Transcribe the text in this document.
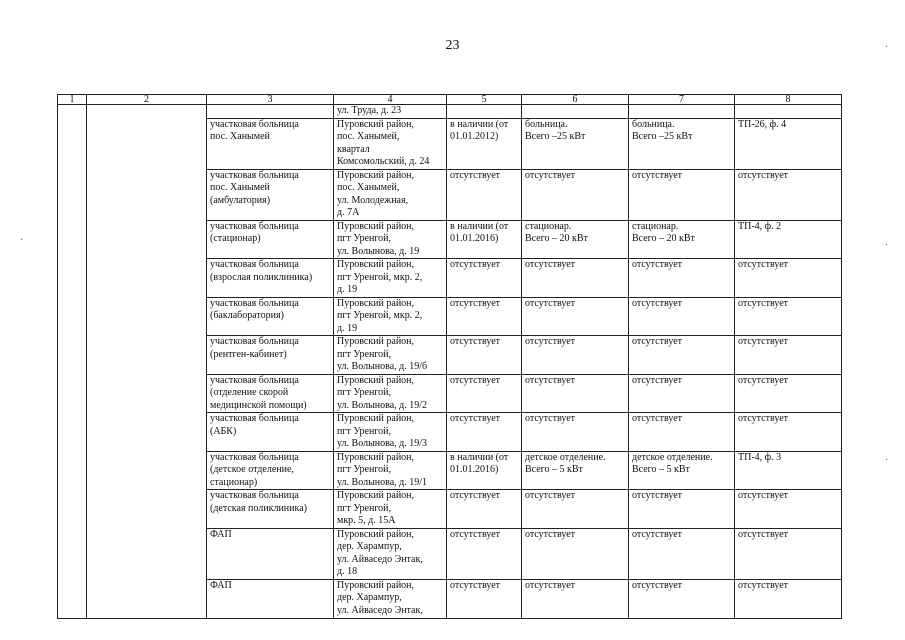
23	·
·	·
·
1	2	3	4	5	6	7	8
			ул. Труда, д. 23				
		участковая больница
пос. Ханымей	Пуровский район,
пос. Ханымей,
квартал
Комсомольский, д. 24	в наличии (от
01.01.2012)	больница.
Всего –25 кВт	больница.
Всего –25 кВт	ТП-26, ф. 4
		участковая больница
пос. Ханымей
(амбулатория)	Пуровский район,
пос. Ханымей,
ул. Молодежная,
д. 7А	отсутствует	отсутствует	отсутствует	отсутствует
		участковая больница
(стационар)	Пуровский район,
пгт Уренгой,
ул. Волынова, д. 19	в наличии (от
01.01.2016)	стационар.
Всего – 20 кВт	стационар.
Всего – 20 кВт	ТП-4, ф. 2
		участковая больница
(взрослая поликлиника)	Пуровский район,
пгт Уренгой, мкр. 2,
д. 19	отсутствует	отсутствует	отсутствует	отсутствует
		участковая больница
(баклаборатория)	Пуровский район,
пгт Уренгой, мкр. 2,
д. 19	отсутствует	отсутствует	отсутствует	отсутствует
		участковая больница
(рентген-кабинет)	Пуровский район,
пгт Уренгой,
ул. Волынова, д. 19/б	отсутствует	отсутствует	отсутствует	отсутствует
		участковая больница
(отделение скорой
медицинской помощи)	Пуровский район,
пгт Уренгой,
ул. Волынова, д. 19/2	отсутствует	отсутствует	отсутствует	отсутствует
		участковая больница
(АБК)	Пуровский район,
пгт Уренгой,
ул. Волынова, д. 19/3	отсутствует	отсутствует	отсутствует	отсутствует
		участковая больница
(детское отделение,
стационар)	Пуровский район,
пгт Уренгой,
ул. Волынова, д. 19/1	в наличии (от
01.01.2016)	детское отделение.
Всего – 5 кВт	детское отделение.
Всего – 5 кВт	ТП-4, ф. 3
		участковая больница
(детская поликлиника)	Пуровский район,
пгт Уренгой,
мкр. 5, д. 15А	отсутствует	отсутствует	отсутствует	отсутствует
		ФАП	Пуровский район,
дер. Харампур,
ул. Айваседо Энтак,
д. 18	отсутствует	отсутствует	отсутствует	отсутствует
		ФАП	Пуровский район,
дер. Харампур,
ул. Айваседо Энтак,	отсутствует	отсутствует	отсутствует	отсутствует
